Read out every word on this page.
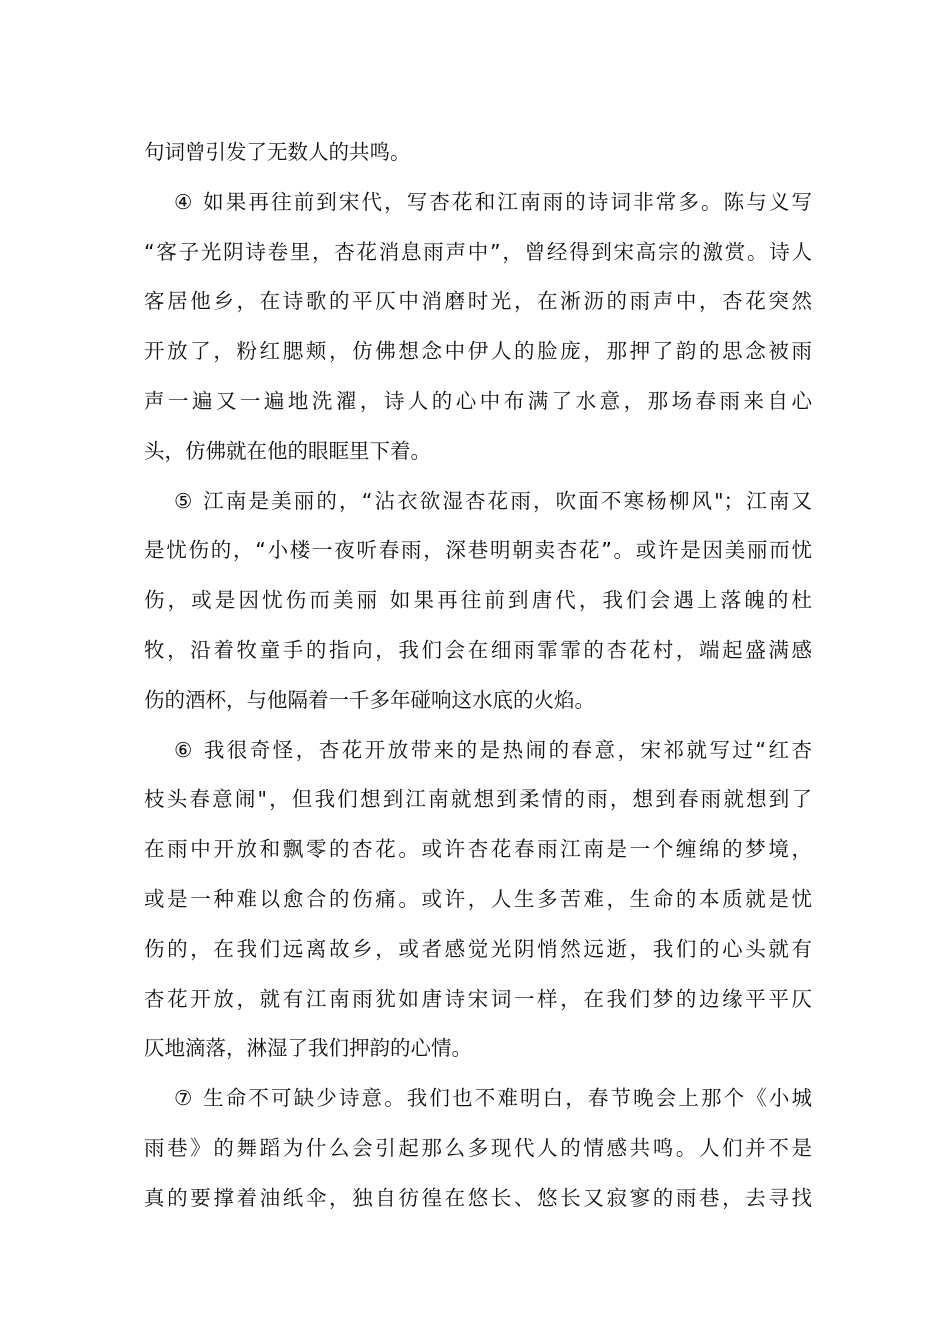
句词曾引发了无数人的共鸣。
④ 如果再往前到宋代，写杏花和江南雨的诗词非常多。陈与义写
“客子光阴诗卷里，杏花消息雨声中”，曾经得到宋高宗的激赏。诗人
客居他乡，在诗歌的平仄中消磨时光，在淅沥的雨声中，杏花突然
开放了，粉红腮颊，仿佛想念中伊人的脸庞，那押了韵的思念被雨
声一遍又一遍地洗濯，诗人的心中布满了水意，那场春雨来自心
头，仿佛就在他的眼眶里下着。
⑤ 江南是美丽的，“沾衣欲湿杏花雨，吹面不寒杨柳风"；江南又
是忧伤的，“小楼一夜听春雨，深巷明朝卖杏花”。或许是因美丽而忧
伤，或是因忧伤而美丽 如果再往前到唐代，我们会遇上落魄的杜
牧，沿着牧童手的指向，我们会在细雨霏霏的杏花村，端起盛满感
伤的酒杯，与他隔着一千多年碰响这水底的火焰。
⑥ 我很奇怪，杏花开放带来的是热闹的春意，宋祁就写过“红杏
枝头春意闹"，但我们想到江南就想到柔情的雨，想到春雨就想到了
在雨中开放和飘零的杏花。或许杏花春雨江南是一个缠绵的梦境，
或是一种难以愈合的伤痛。或许，人生多苦难，生命的本质就是忧
伤的，在我们远离故乡，或者感觉光阴悄然远逝，我们的心头就有
杏花开放，就有江南雨犹如唐诗宋词一样，在我们梦的边缘平平仄
仄地滴落，淋湿了我们押韵的心情。
⑦ 生命不可缺少诗意。我们也不难明白，春节晚会上那个《小城
雨巷》的舞蹈为什么会引起那么多现代人的情感共鸣。人们并不是
真的要撑着油纸伞，独自彷徨在悠长、悠长又寂寥的雨巷，去寻找
